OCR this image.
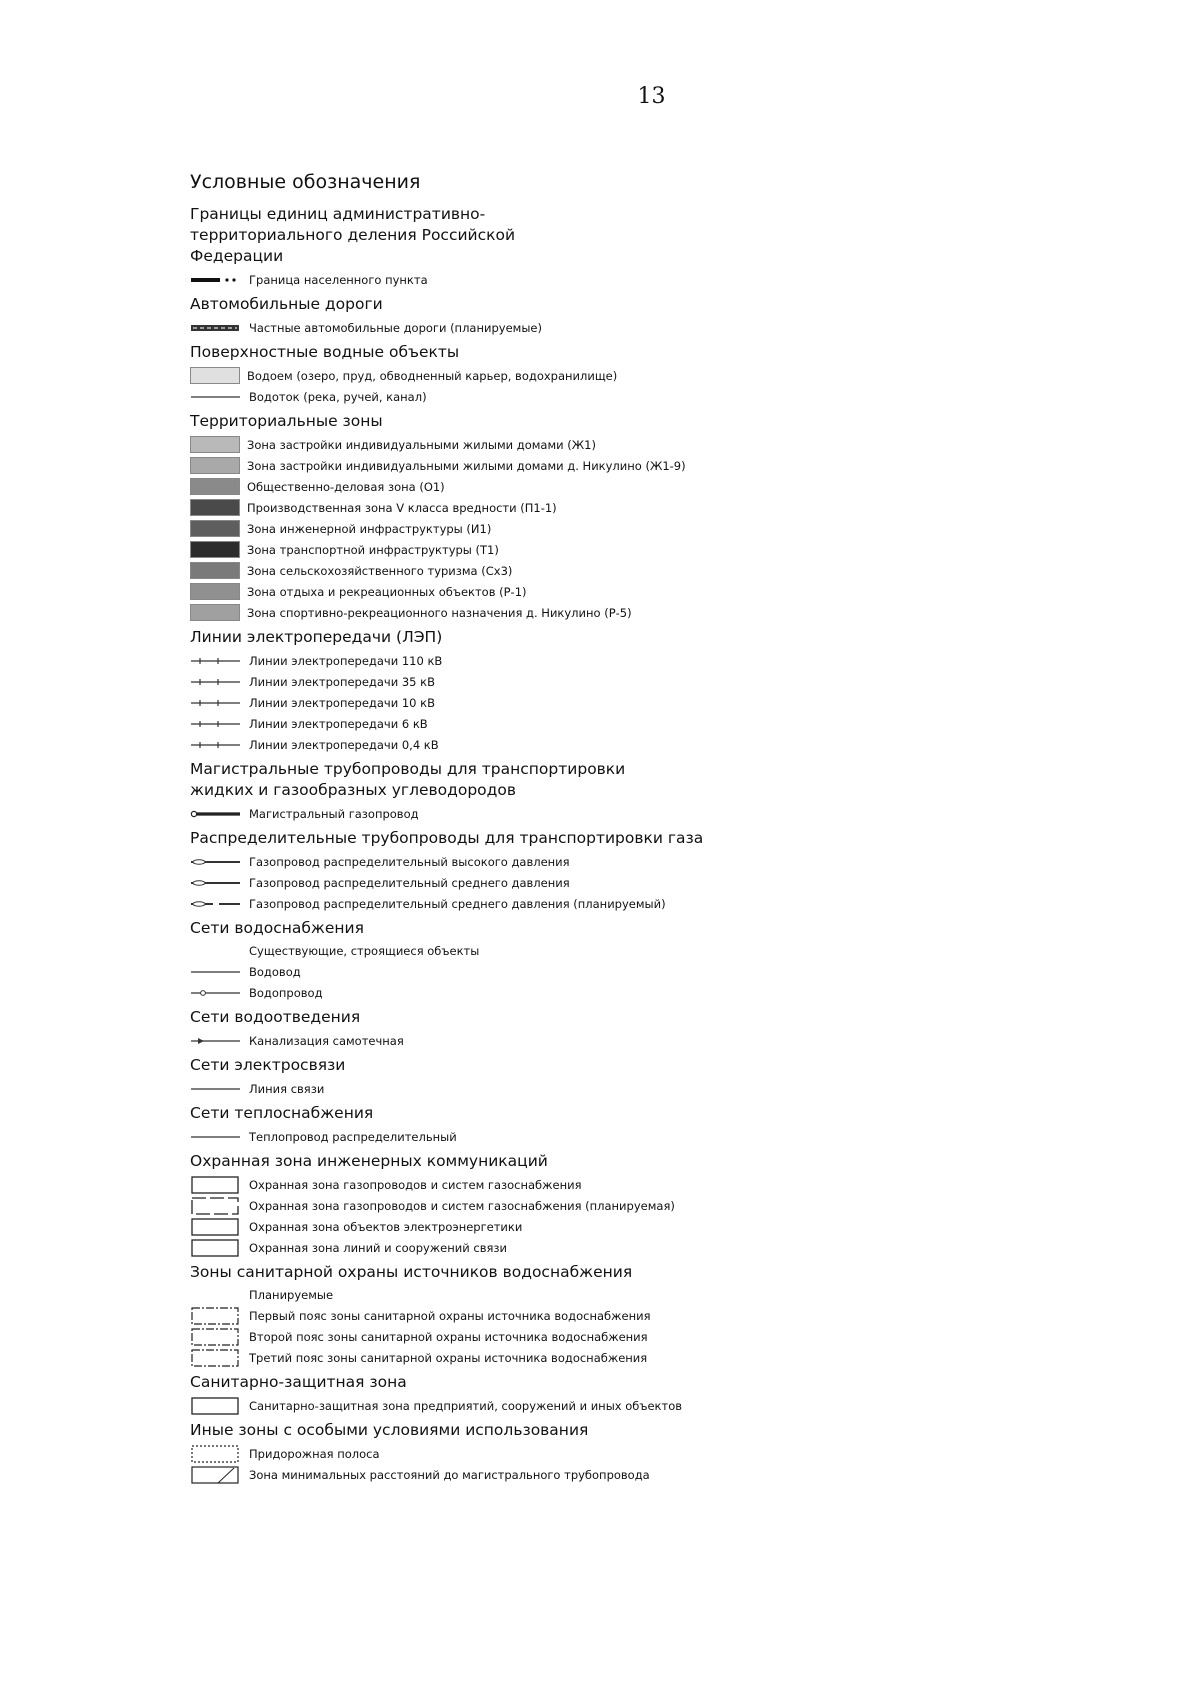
13
Условные обозначения
Границы единиц административно-территориального деления Российской Федерации
Граница населенного пункта
Автомобильные дороги
Частные автомобильные дороги (планируемые)
Поверхностные водные объекты
Водоем (озеро, пруд, обводненный карьер, водохранилище)
Водоток (река, ручей, канал)
Территориальные зоны
Зона застройки индивидуальными жилыми домами (Ж1)
Зона застройки индивидуальными жилыми домами д. Никулино (Ж1-9)
Общественно-деловая зона (О1)
Производственная зона V класса вредности (П1-1)
Зона инженерной инфраструктуры (И1)
Зона транспортной инфраструктуры (Т1)
Зона сельскохозяйственного туризма (Сх3)
Зона отдыха и рекреационных объектов (Р-1)
Зона спортивно-рекреационного назначения д. Никулино (Р-5)
Линии электропередачи (ЛЭП)
Линии электропередачи 110 кВ
Линии электропередачи 35 кВ
Линии электропередачи 10 кВ
Линии электропередачи 6 кВ
Линии электропередачи 0,4 кВ
Магистральные трубопроводы для транспортировки жидких и газообразных углеводородов
Магистральный газопровод
Распределительные трубопроводы для транспортировки газа
Газопровод распределительный высокого давления
Газопровод распределительный среднего давления
Газопровод распределительный среднего давления (планируемый)
Сети водоснабжения
Существующие, строящиеся объекты
Водовод
Водопровод
Сети водоотведения
Канализация самотечная
Сети электросвязи
Линия связи
Сети теплоснабжения
Теплопровод распределительный
Охранная зона инженерных коммуникаций
Охранная зона газопроводов и систем газоснабжения
Охранная зона газопроводов и систем газоснабжения (планируемая)
Охранная зона объектов электроэнергетики
Охранная зона линий и сооружений связи
Зоны санитарной охраны источников водоснабжения
Планируемые
Первый пояс зоны санитарной охраны источника водоснабжения
Второй пояс зоны санитарной охраны источника водоснабжения
Третий пояс зоны санитарной охраны источника водоснабжения
Санитарно-защитная зона
Санитарно-защитная зона предприятий, сооружений и иных объектов
Иные зоны с особыми условиями использования
Придорожная полоса
Зона минимальных расстояний до магистрального трубопровода
